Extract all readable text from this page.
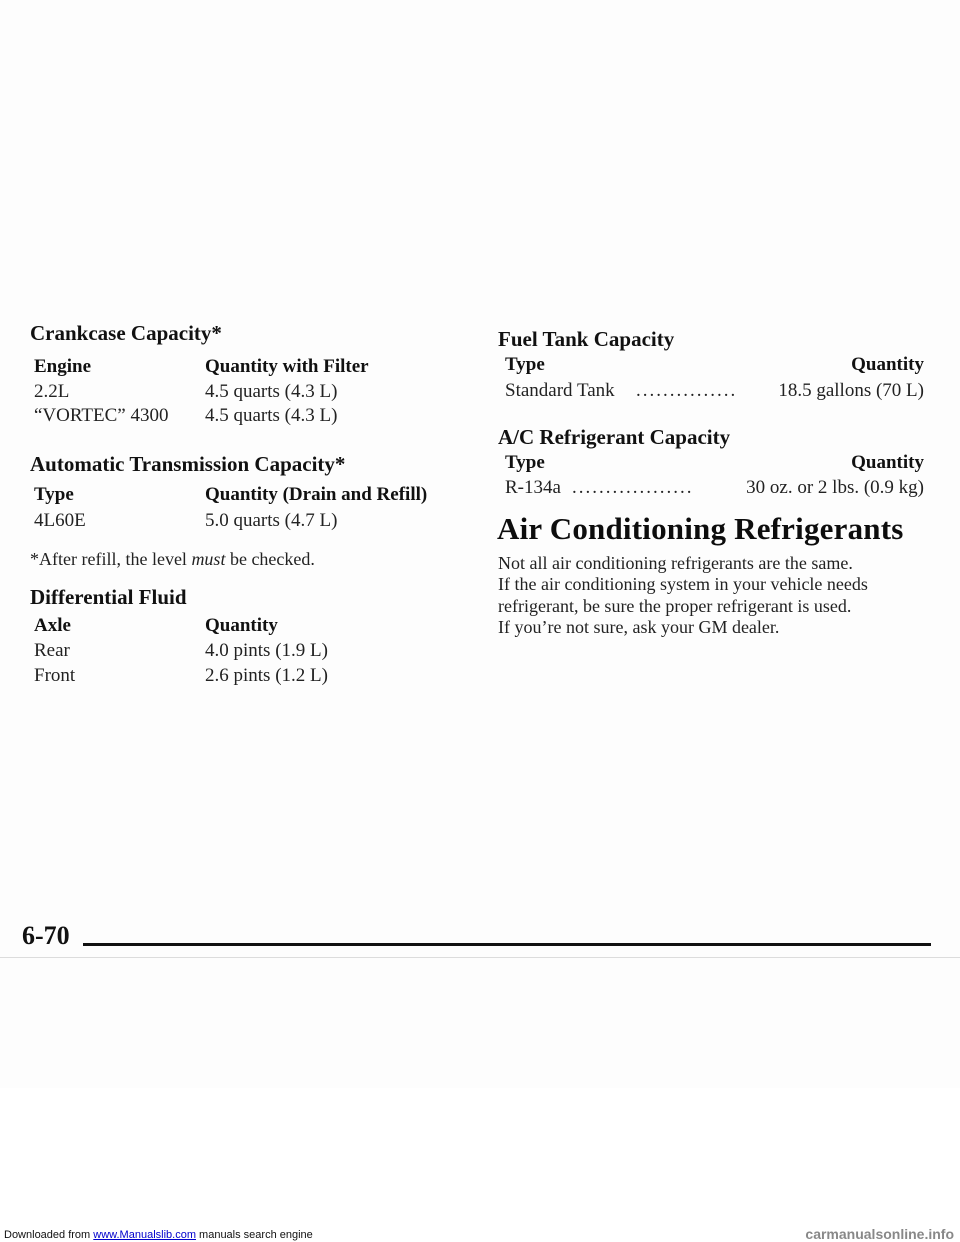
Crankcase Capacity*
Engine	Quantity with Filter
2.2L	4.5 quarts (4.3 L)
“VORTEC” 4300 4.5 quarts (4.3 L)
Automatic Transmission Capacity*
Type	Quantity (Drain and Refill)
4L60E	5.0 quarts (4.7 L)
*After refill, the level must be checked.
Differential Fluid
Axle	Quantity
Rear	4.0 pints (1.9 L)
Front	2.6 pints (1.2 L)
Fuel Tank Capacity
Type	Quantity
Standard Tank ............... 18.5 gallons (70 L)
A/C Refrigerant Capacity
Type	Quantity
R-134a ..................	30 oz. or 2 lbs. (0.9 kg)
Air Conditioning Refrigerants
Not all air conditioning refrigerants are the same.
If the air conditioning system in your vehicle needs
refrigerant, be sure the proper refrigerant is used.
If you’re not sure, ask your GM dealer.
6-70
Downloaded from www.Manualslib.com manuals search engine	carmanualsonline.info
